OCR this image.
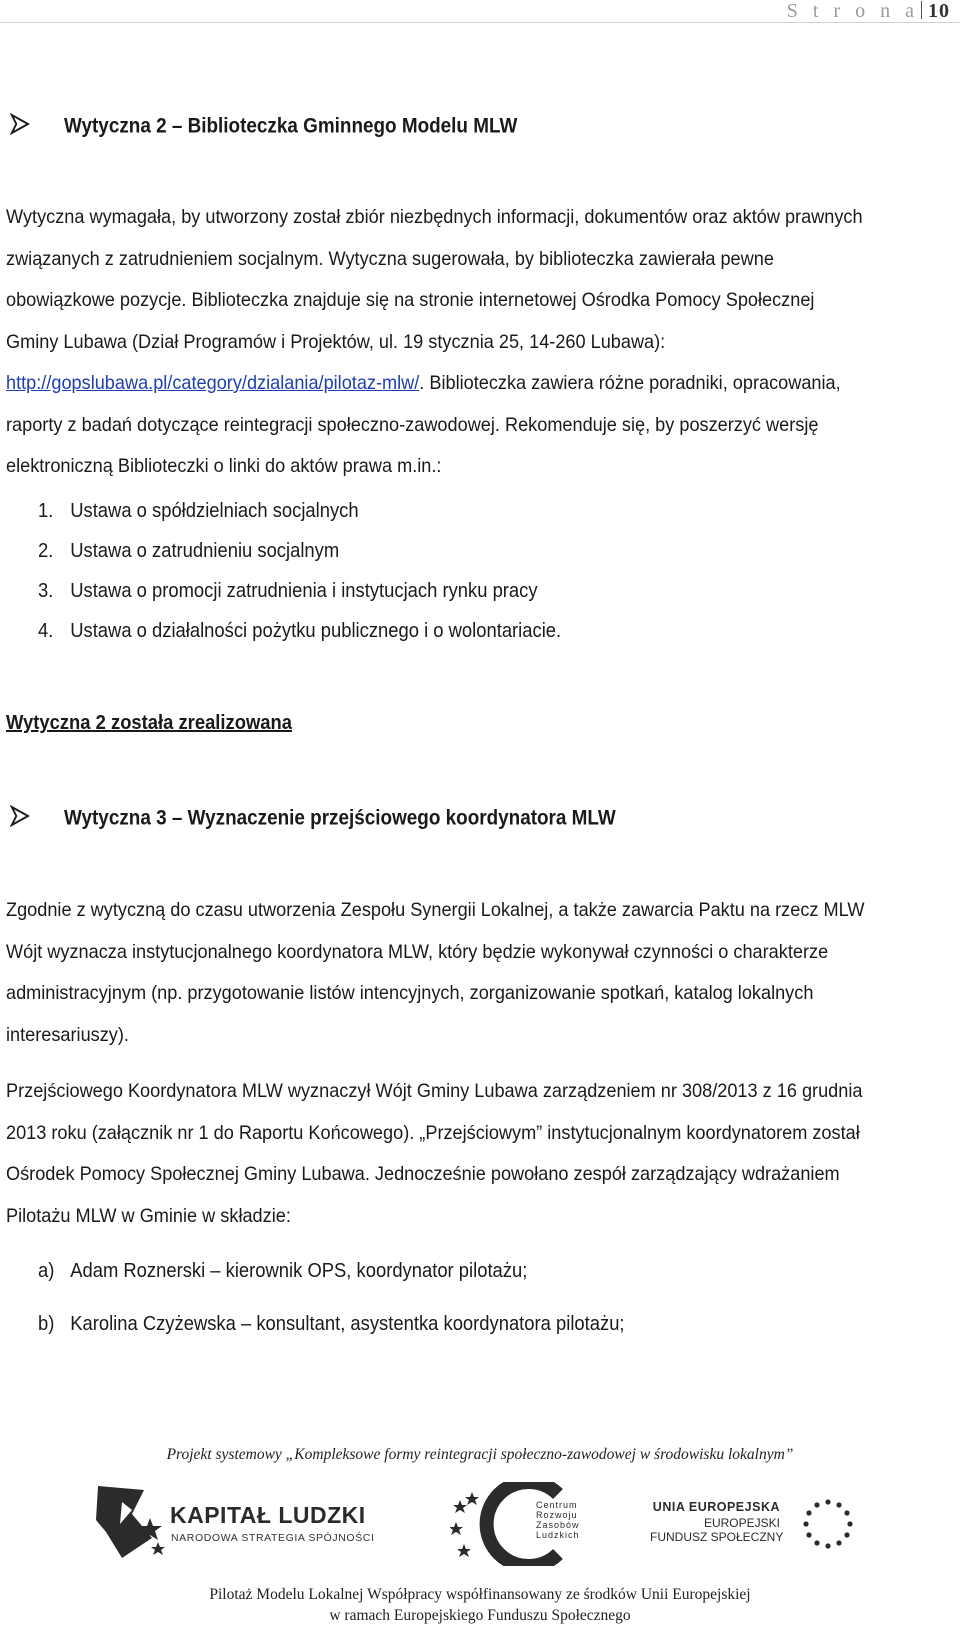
S t r o n a 10
Wytyczna 2 – Biblioteczka Gminnego Modelu MLW
Wytyczna wymagała, by utworzony został zbiór niezbędnych informacji, dokumentów oraz aktów prawnych
związanych z zatrudnieniem socjalnym. Wytyczna sugerowała, by biblioteczka zawierała pewne
obowiązkowe pozycje. Biblioteczka znajduje się na stronie internetowej Ośrodka Pomocy Społecznej
Gminy Lubawa (Dział Programów i Projektów, ul. 19 stycznia 25, 14-260 Lubawa):
http://gopslubawa.pl/category/dzialania/pilotaz-mlw/. Biblioteczka zawiera różne poradniki, opracowania,
raporty z badań dotyczące reintegracji społeczno-zawodowej. Rekomenduje się, by poszerzyć wersję
elektroniczną Biblioteczki o linki do aktów prawa m.in.:
1. Ustawa o spółdzielniach socjalnych
2. Ustawa o zatrudnieniu socjalnym
3. Ustawa o promocji zatrudnienia i instytucjach rynku pracy
4. Ustawa o działalności pożytku publicznego i o wolontariacie.
Wytyczna 2 została zrealizowana
Wytyczna 3 – Wyznaczenie przejściowego koordynatora MLW
Zgodnie z wytyczną do czasu utworzenia Zespołu Synergii Lokalnej, a także zawarcia Paktu na rzecz MLW
Wójt wyznacza instytucjonalnego koordynatora MLW, który będzie wykonywał czynności o charakterze
administracyjnym (np. przygotowanie listów intencyjnych, zorganizowanie spotkań, katalog lokalnych
interesariuszy).
Przejściowego Koordynatora MLW wyznaczył Wójt Gminy Lubawa zarządzeniem nr 308/2013 z 16 grudnia
2013 roku (załącznik nr 1 do Raportu Końcowego). „Przejściowym” instytucjonalnym koordynatorem został
Ośrodek Pomocy Społecznej Gminy Lubawa. Jednocześnie powołano zespół zarządzający wdrażaniem
Pilotażu MLW w Gminie w składzie:
a) Adam Roznerski – kierownik OPS, koordynator pilotażu;
b) Karolina Czyżewska – konsultant, asystentka koordynatora pilotażu;
Projekt systemowy „Kompleksowe formy reintegracji społeczno-zawodowej w środowisku lokalnym”
KAPITAŁ LUDZKI
NARODOWA STRATEGIA SPÓJNOŚCI
Centrum
Rozwoju
Zasobów
Ludzkich
UNIA EUROPEJSKA
EUROPEJSKI
FUNDUSZ SPOŁECZNY
Pilotaż Modelu Lokalnej Współpracy współfinansowany ze środków Unii Europejskiej
w ramach Europejskiego Funduszu Społecznego
